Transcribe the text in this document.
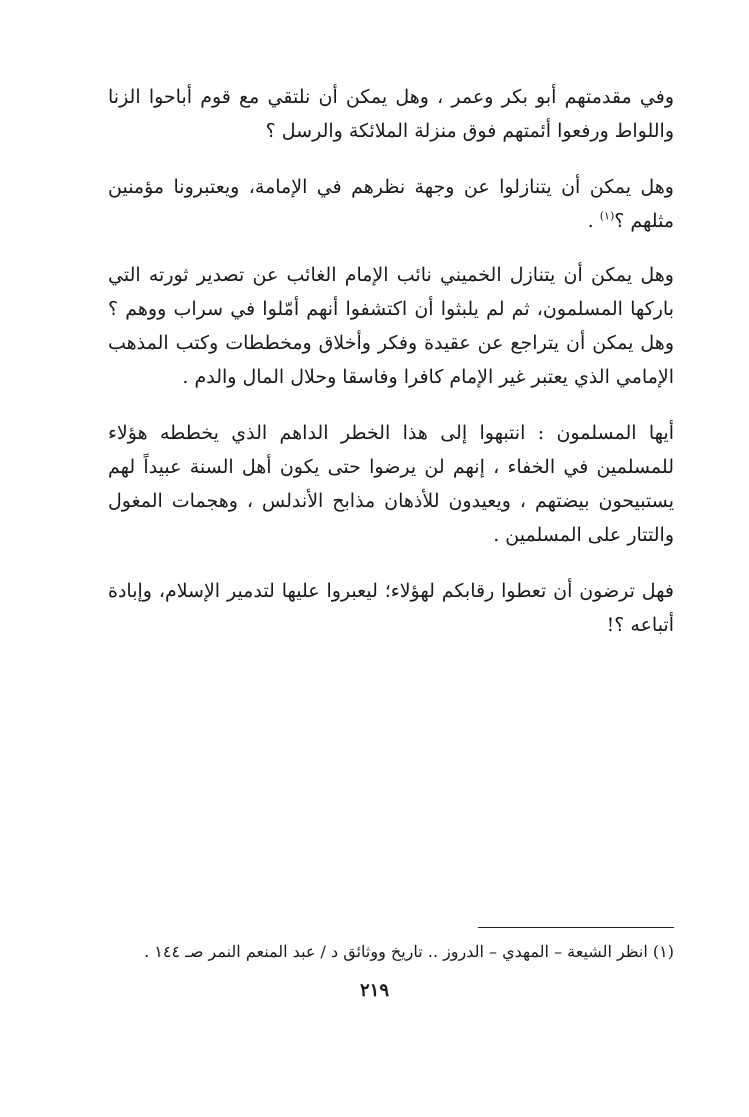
وفي مقدمتهم أبو بكر وعمر ، وهل يمكن أن نلتقي مع قوم أباحوا الزنا واللواط ورفعوا أئمتهم فوق منزلة الملائكة والرسل ؟

وهل يمكن أن يتنازلوا عن وجهة نظرهم في الإمامة، ويعتبرونا مؤمنين مثلهم ؟$^{(١)}$ .

وهل يمكن أن يتنازل الخميني نائب الإمام الغائب عن تصدير ثورته التي باركها المسلمون، ثم لم يلبثوا أن اكتشفوا أنهم أمّلوا في سراب ووهم ؟ وهل يمكن أن يتراجع عن عقيدة وفكر وأخلاق ومخططات وكتب المذهب الإمامي الذي يعتبر غير الإمام كافرا وفاسقا وحلال المال والدم .

أيها المسلمون : انتبهوا إلى هذا الخطر الداهم الذي يخططه هؤلاء للمسلمين في الخفاء ، إنهم لن يرضوا حتى يكون أهل السنة عبيداً لهم يستبيحون بيضتهم ، ويعيدون للأذهان مذابح الأندلس ، وهجمات المغول والتتار على المسلمين .

فهل ترضون أن تعطوا رقابكم لهؤلاء؛ ليعبروا عليها لتدمير الإسلام، وإبادة أتباعه ؟!

(١) انظر الشيعة – المهدي – الدروز .. تاريخ ووثائق د / عبد المنعم النمر صـ ١٤٤ .
٢١٩
